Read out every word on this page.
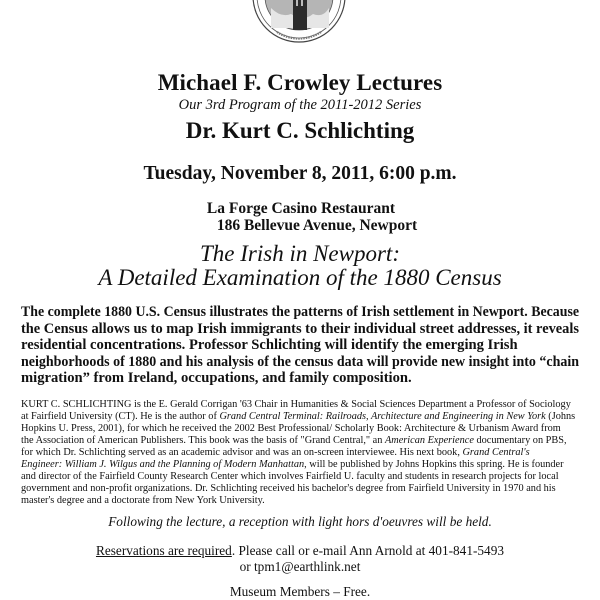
Michael F. Crowley Lectures
Our 3rd Program of the 2011-2012 Series
Dr. Kurt C. Schlichting
Tuesday, November 8, 2011, 6:00 p.m.
La Forge Casino Restaurant
186 Bellevue Avenue, Newport
The Irish in Newport:
A Detailed Examination of the 1880 Census
The complete 1880 U.S. Census illustrates the patterns of Irish settlement in Newport. Because
the Census allows us to map Irish immigrants to their individual street addresses, it reveals
residential concentrations. Professor Schlichting will identify the emerging Irish
neighborhoods of 1880 and his analysis of the census data will provide new insight into “chain
migration” from Ireland, occupations, and family composition.
KURT C. SCHLICHTING is the E. Gerald Corrigan '63 Chair in Humanities & Social Sciences Department a Professor of Sociology
at Fairfield University (CT). He is the author of Grand Central Terminal: Railroads, Architecture and Engineering in New York (Johns
Hopkins U. Press, 2001), for which he received the 2002 Best Professional/ Scholarly Book: Architecture & Urbanism Award from
the Association of American Publishers. This book was the basis of "Grand Central," an American Experience documentary on PBS,
for which Dr. Schlichting served as an academic advisor and was an on-screen interviewee. His next book, Grand Central's
Engineer: William J. Wilgus and the Planning of Modern Manhattan, will be published by Johns Hopkins this spring. He is founder
and director of the Fairfield County Research Center which involves Fairfield U. faculty and students in research projects for local
government and non-profit organizations. Dr. Schlichting received his bachelor's degree from Fairfield University in 1970 and his
master's degree and a doctorate from New York University.
Following the lecture, a reception with light hors d'oeuvres will be held.
Reservations are required. Please call or e-mail Ann Arnold at 401-841-5493
or tpm1@earthlink.net
Museum Members – Free.
